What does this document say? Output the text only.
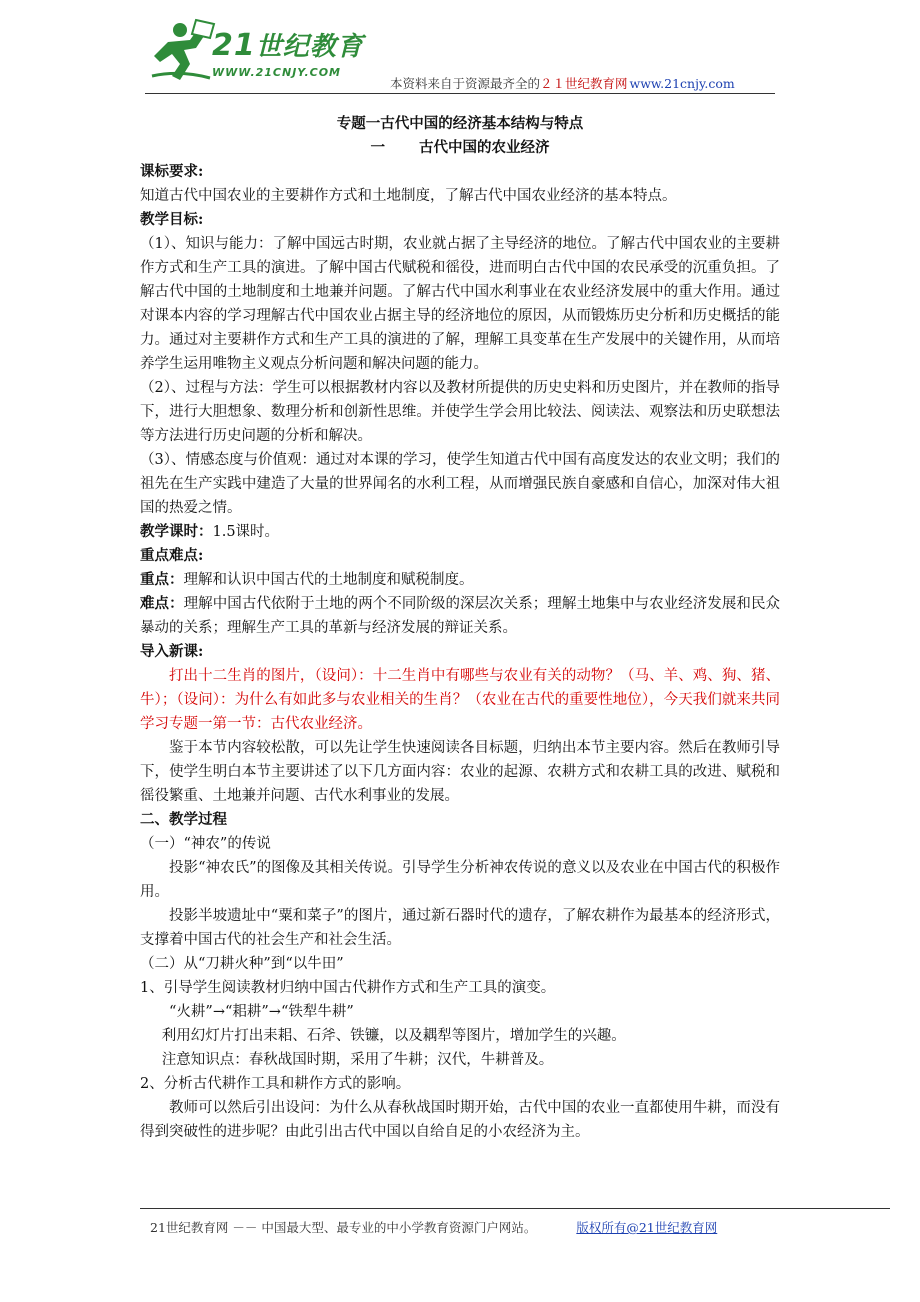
21世纪教育
WWW.21CNJY.COM
本资料来自于资源最齐全的２１世纪教育网 www.21cnjy.com

专题一古代中国的经济基本结构与特点

一 古代中国的农业经济

课标要求:

知道古代中国农业的主要耕作方式和土地制度，了解古代中国农业经济的基本特点。

教学目标:

（1）、知识与能力：了解中国远古时期，农业就占据了主导经济的地位。了解古代中国农业的主要耕作方式和生产工具的演进。了解中国古代赋税和徭役，进而明白古代中国的农民承受的沉重负担。了解古代中国的土地制度和土地兼并问题。了解古代中国水利事业在农业经济发展中的重大作用。通过对课本内容的学习理解古代中国农业占据主导的经济地位的原因，从而锻炼历史分析和历史概括的能力。通过对主要耕作方式和生产工具的演进的了解，理解工具变革在生产发展中的关键作用，从而培养学生运用唯物主义观点分析问题和解决问题的能力。

（2）、过程与方法：学生可以根据教材内容以及教材所提供的历史史料和历史图片，并在教师的指导下，进行大胆想象、数理分析和创新性思维。并使学生学会用比较法、阅读法、观察法和历史联想法等方法进行历史问题的分析和解决。

（3）、情感态度与价值观：通过对本课的学习，使学生知道古代中国有高度发达的农业文明；我们的祖先在生产实践中建造了大量的世界闻名的水利工程，从而增强民族自豪感和自信心，加深对伟大祖国的热爱之情。

教学课时：1.5课时。

重点难点:

重点：理解和认识中国古代的土地制度和赋税制度。

难点：理解中国古代依附于土地的两个不同阶级的深层次关系；理解土地集中与农业经济发展和民众暴动的关系；理解生产工具的革新与经济发展的辩证关系。

导入新课:

打出十二生肖的图片，（设问）：十二生肖中有哪些与农业有关的动物？（马、羊、鸡、狗、猪、牛）；（设问）：为什么有如此多与农业相关的生肖？（农业在古代的重要性地位），今天我们就来共同学习专题一第一节：古代农业经济。

鉴于本节内容较松散，可以先让学生快速阅读各目标题，归纳出本节主要内容。然后在教师引导下，使学生明白本节主要讲述了以下几方面内容：农业的起源、农耕方式和农耕工具的改进、赋税和徭役繁重、土地兼并问题、古代水利事业的发展。

二、教学过程

（一）“神农”的传说

投影“神农氏”的图像及其相关传说。引导学生分析神农传说的意义以及农业在中国古代的积极作用。

投影半坡遗址中“粟和菜子”的图片，通过新石器时代的遗存，了解农耕作为最基本的经济形式，支撑着中国古代的社会生产和社会生活。

（二）从“刀耕火种”到“以牛田”

1、引导学生阅读教材归纳中国古代耕作方式和生产工具的演变。

“火耕”→“耜耕”→“铁犁牛耕”

利用幻灯片打出耒耜、石斧、铁镰，以及耦犁等图片，增加学生的兴趣。

注意知识点：春秋战国时期，采用了牛耕；汉代，牛耕普及。

2、分析古代耕作工具和耕作方式的影响。

教师可以然后引出设问：为什么从春秋战国时期开始，古代中国的农业一直都使用牛耕，而没有得到突破性的进步呢？由此引出古代中国以自给自足的小农经济为主。

21世纪教育网 －－ 中国最大型、最专业的中小学教育资源门户网站。	版权所有@21世纪教育网
